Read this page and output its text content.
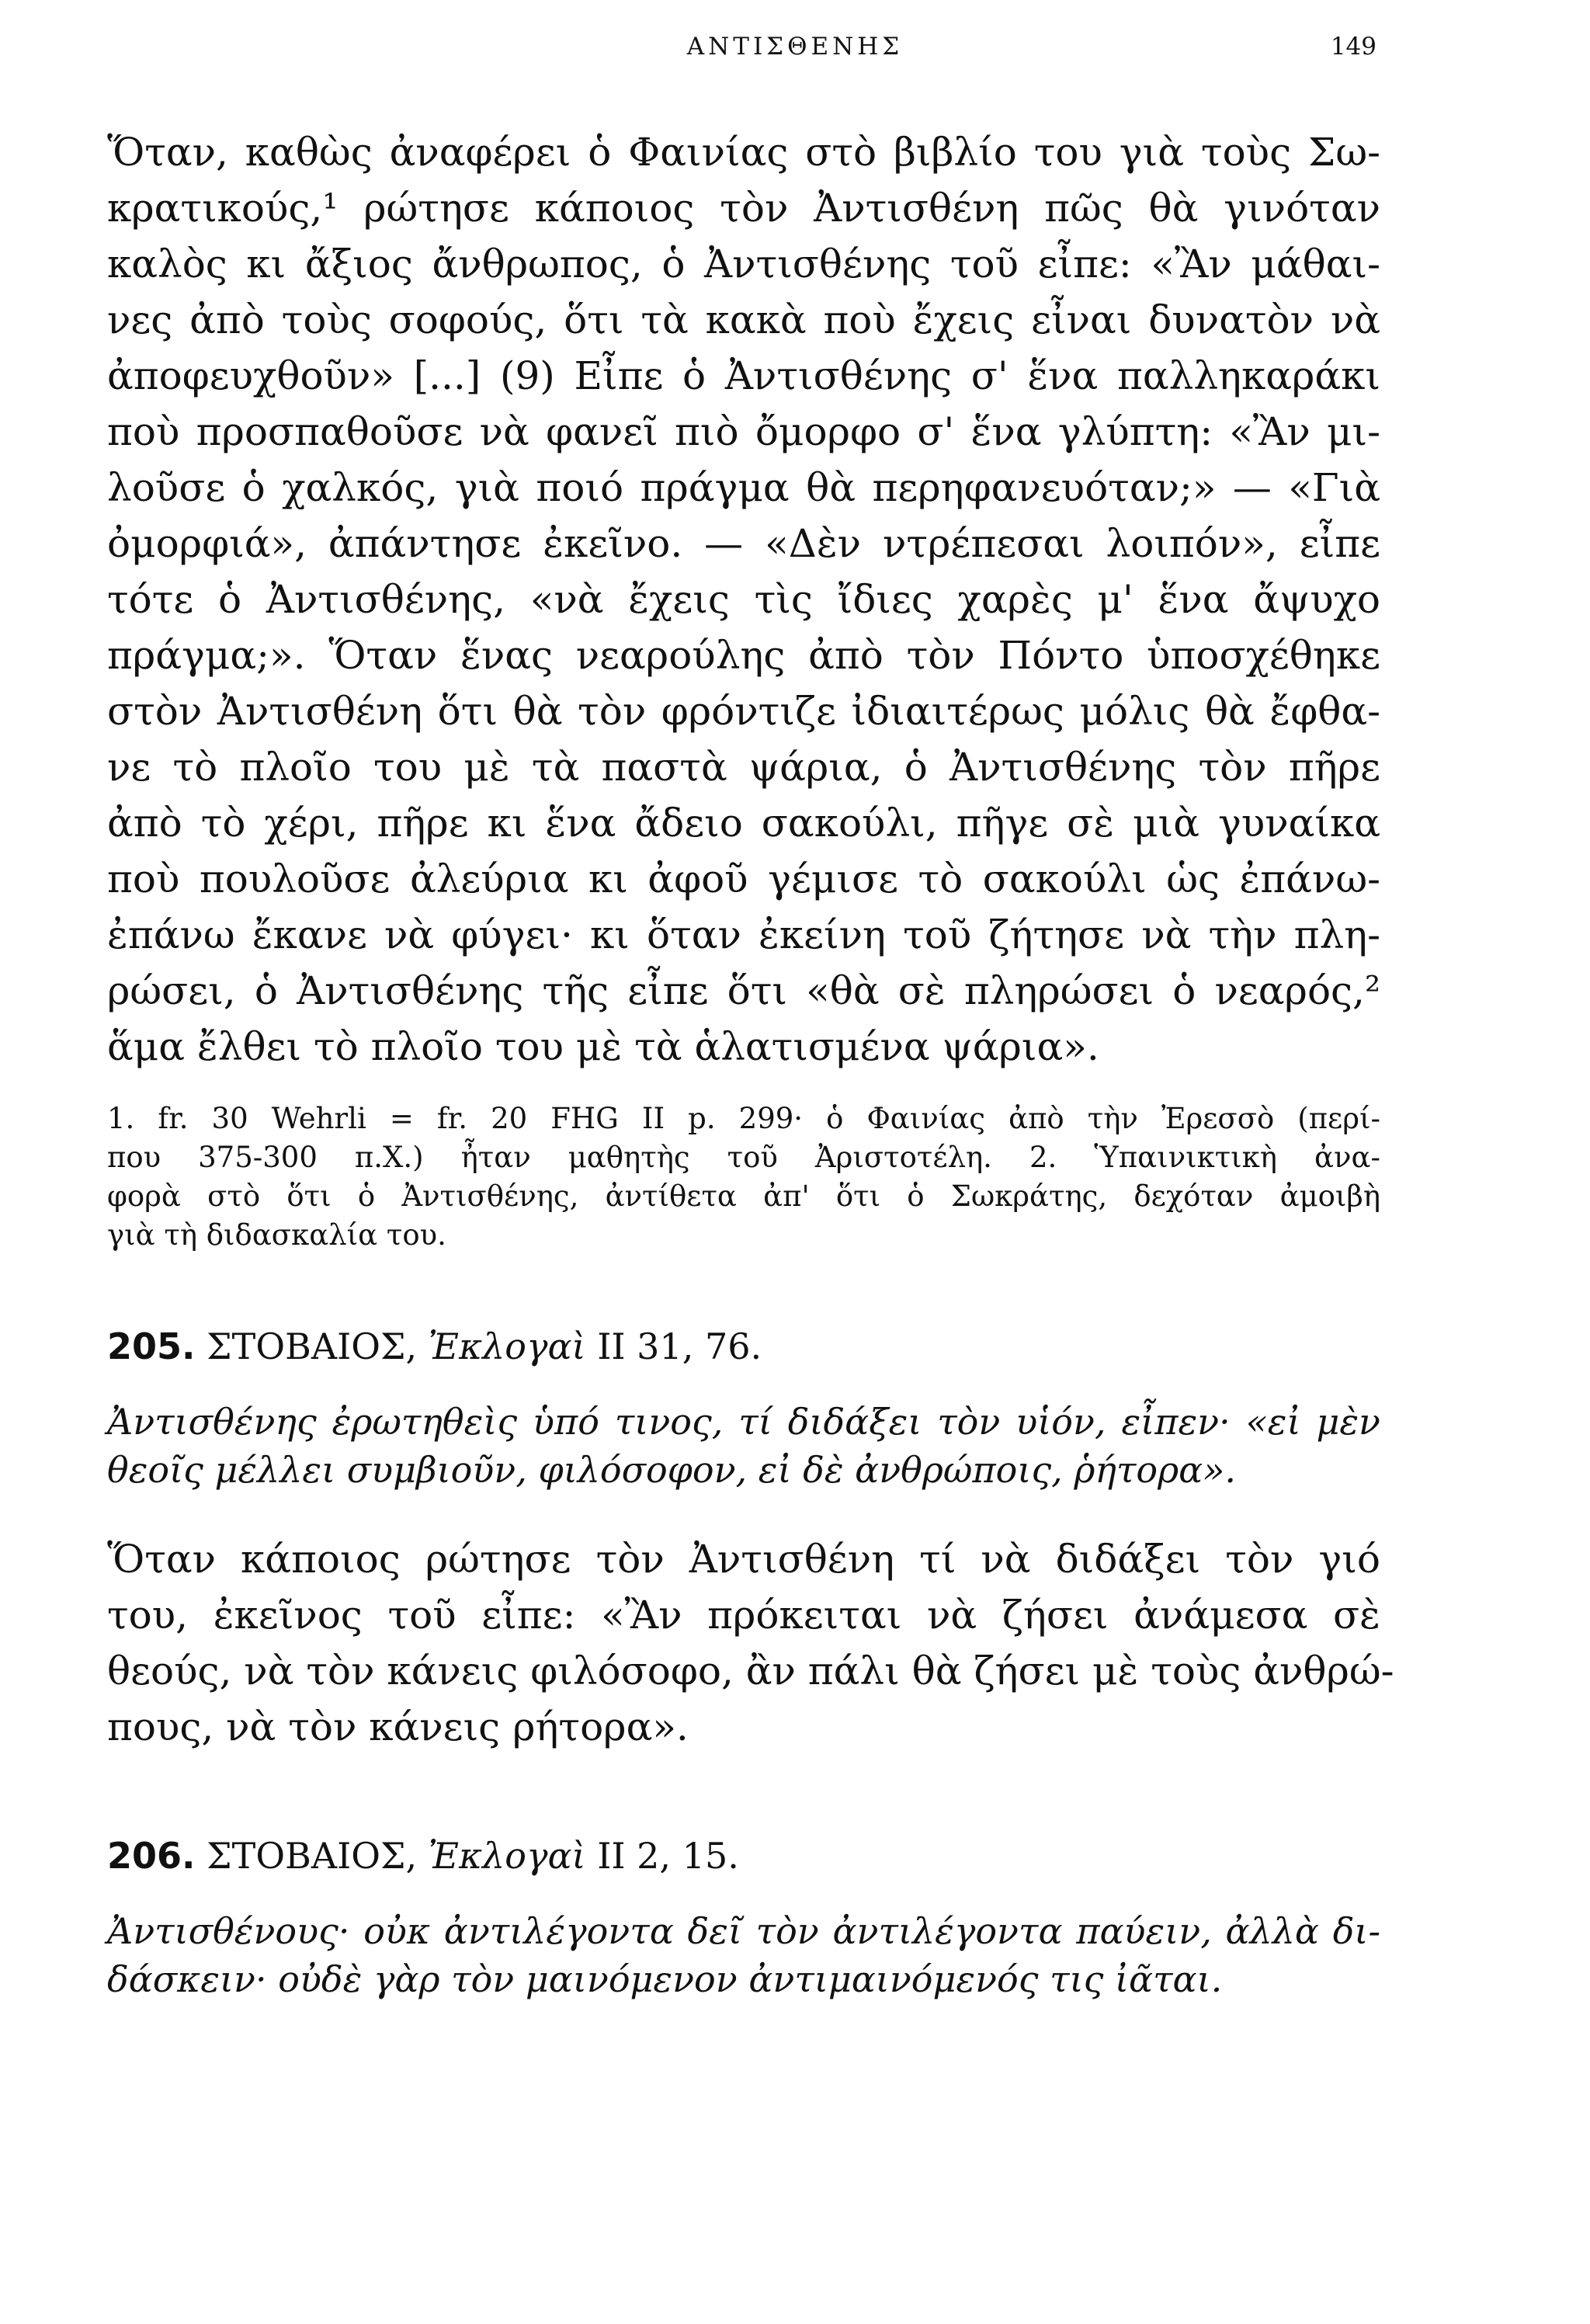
ΑΝΤΙΣΘΕΝΗΣ	149
Ὅταν, καθὼς ἀναφέρει ὁ Φαινίας στὸ βιβλίο του γιὰ τοὺς Σω-
κρατικούς,¹ ρώτησε κάποιος τὸν Ἀντισθένη πῶς θὰ γινόταν
καλὸς κι ἄξιος ἄνθρωπος, ὁ Ἀντισθένης τοῦ εἶπε: «Ἂν μάθαι-
νες ἀπὸ τοὺς σοφούς, ὅτι τὰ κακὰ ποὺ ἔχεις εἶναι δυνατὸν νὰ
ἀποφευχθοῦν» [...] (9) Εἶπε ὁ Ἀντισθένης σ' ἕνα παλληκαράκι
ποὺ προσπαθοῦσε νὰ φανεῖ πιὸ ὄμορφο σ' ἕνα γλύπτη: «Ἂν μι-
λοῦσε ὁ χαλκός, γιὰ ποιό πράγμα θὰ περηφανευόταν;» — «Γιὰ
ὀμορφιά», ἀπάντησε ἐκεῖνο. — «Δὲν ντρέπεσαι λοιπόν», εἶπε
τότε ὁ Ἀντισθένης, «νὰ ἔχεις τὶς ἴδιες χαρὲς μ' ἕνα ἄψυχο
πράγμα;». Ὅταν ἕνας νεαρούλης ἀπὸ τὸν Πόντο ὑποσχέθηκε
στὸν Ἀντισθένη ὅτι θὰ τὸν φρόντιζε ἰδιαιτέρως μόλις θὰ ἔφθα-
νε τὸ πλοῖο του μὲ τὰ παστὰ ψάρια, ὁ Ἀντισθένης τὸν πῆρε
ἀπὸ τὸ χέρι, πῆρε κι ἕνα ἄδειο σακούλι, πῆγε σὲ μιὰ γυναίκα
ποὺ πουλοῦσε ἀλεύρια κι ἀφοῦ γέμισε τὸ σακούλι ὡς ἐπάνω-
ἐπάνω ἔκανε νὰ φύγει· κι ὅταν ἐκείνη τοῦ ζήτησε νὰ τὴν πλη-
ρώσει, ὁ Ἀντισθένης τῆς εἶπε ὅτι «θὰ σὲ πληρώσει ὁ νεαρός,²
ἅμα ἔλθει τὸ πλοῖο του μὲ τὰ ἁλατισμένα ψάρια».
1. fr. 30 Wehrli = fr. 20 FHG II p. 299· ὁ Φαινίας ἀπὸ τὴν Ἐρεσσὸ (περί-
που 375-300 π.Χ.) ἦταν μαθητὴς τοῦ Ἀριστοτέλη. 2. Ὑπαινικτικὴ ἀνα-
φορὰ στὸ ὅτι ὁ Ἀντισθένης, ἀντίθετα ἀπ' ὅτι ὁ Σωκράτης, δεχόταν ἀμοιβὴ
γιὰ τὴ διδασκαλία του.
205. ΣΤΟΒΑΙΟΣ, Ἐκλογαὶ II 31, 76.
Ἀντισθένης ἐρωτηθεὶς ὑπό τινος, τί διδάξει τὸν υἱόν, εἶπεν· «εἰ μὲν
θεοῖς μέλλει συμβιοῦν, φιλόσοφον, εἰ δὲ ἀνθρώποις, ῥήτορα».
Ὅταν κάποιος ρώτησε τὸν Ἀντισθένη τί νὰ διδάξει τὸν γιό
του, ἐκεῖνος τοῦ εἶπε: «Ἂν πρόκειται νὰ ζήσει ἀνάμεσα σὲ
θεούς, νὰ τὸν κάνεις φιλόσοφο, ἂν πάλι θὰ ζήσει μὲ τοὺς ἀνθρώ-
πους, νὰ τὸν κάνεις ρήτορα».
206. ΣΤΟΒΑΙΟΣ, Ἐκλογαὶ II 2, 15.
Ἀντισθένους· οὐκ ἀντιλέγοντα δεῖ τὸν ἀντιλέγοντα παύειν, ἀλλὰ δι-
δάσκειν· οὐδὲ γὰρ τὸν μαινόμενον ἀντιμαινόμενός τις ἰᾶται.
